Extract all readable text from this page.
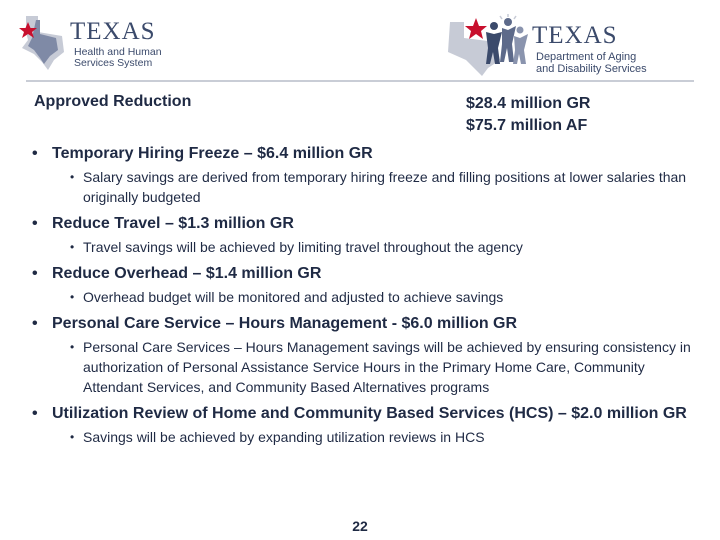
TEXAS
Health and Human
Services System
TEXAS
Department of Aging
and Disability Services
Approved Reduction	$28.4 million GR
$75.7 million AF
• Temporary Hiring Freeze – $6.4 million GR
• Salary savings are derived from temporary hiring freeze and filling positions at lower salaries than originally budgeted
• Reduce Travel – $1.3 million GR
• Travel savings will be achieved by limiting travel throughout the agency
• Reduce Overhead – $1.4 million GR
• Overhead budget will be monitored and adjusted to achieve savings
• Personal Care Service – Hours Management - $6.0 million GR
• Personal Care Services – Hours Management savings will be achieved by ensuring consistency in authorization of Personal Assistance Service Hours in the Primary Home Care, Community Attendant Services, and Community Based Alternatives programs
• Utilization Review of Home and Community Based Services (HCS) – $2.0 million GR
• Savings will be achieved by expanding utilization reviews in HCS
22
